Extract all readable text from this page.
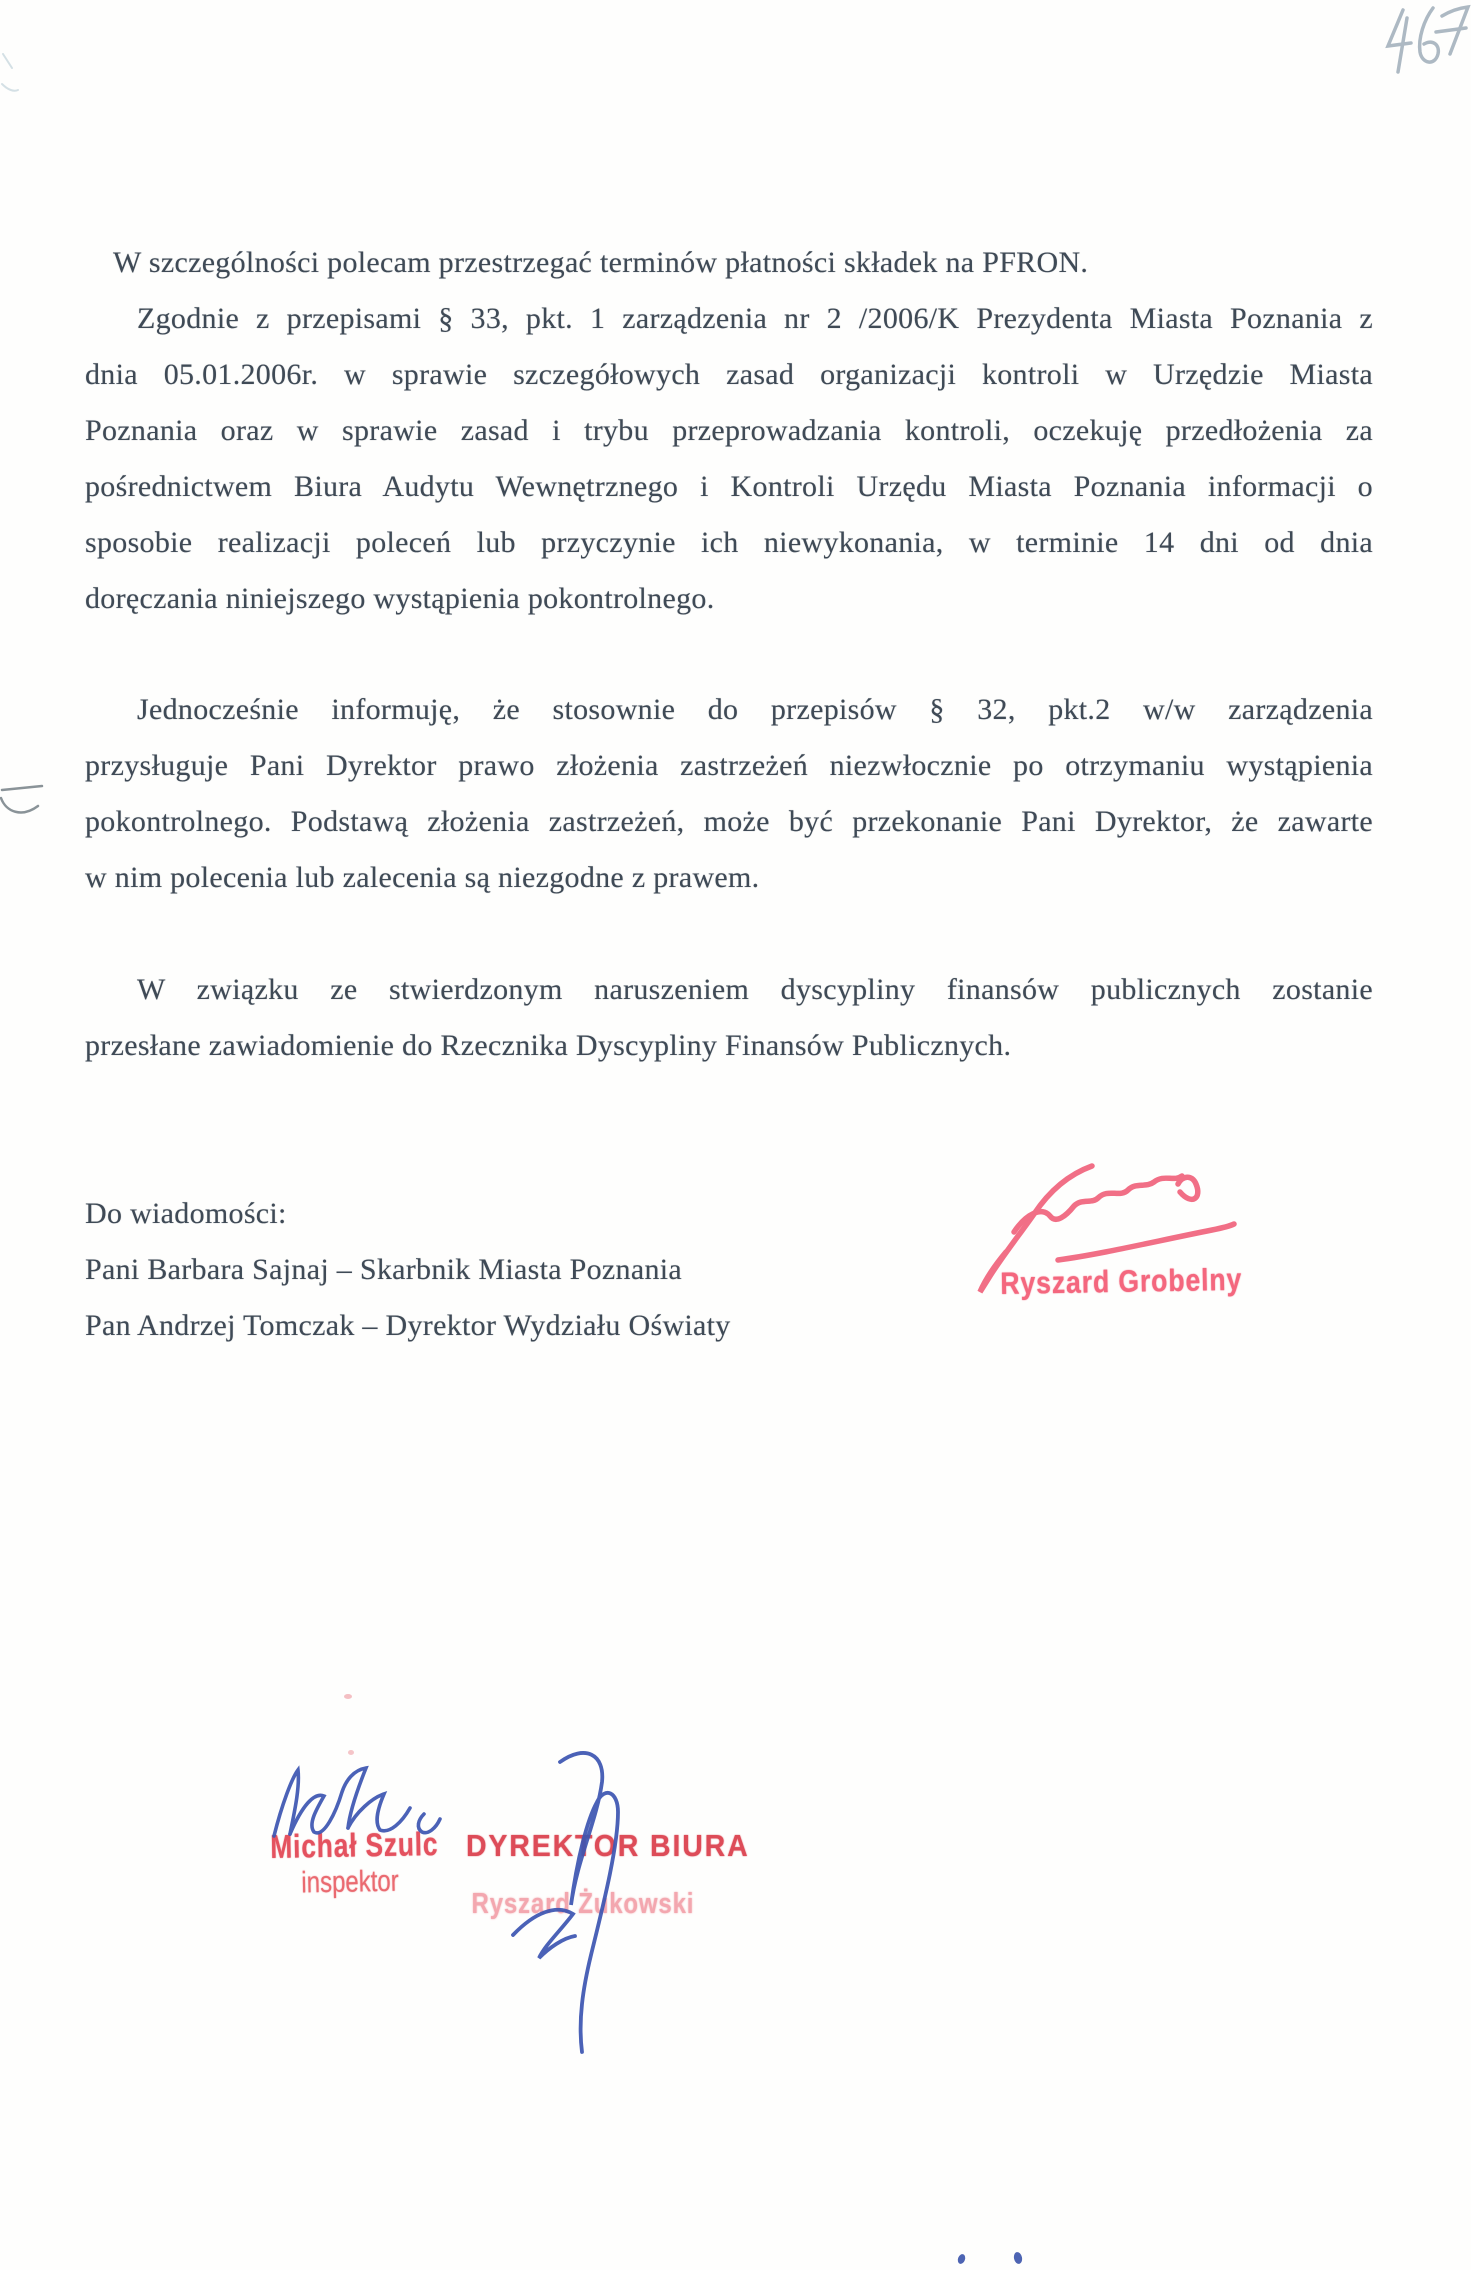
W szczególności polecam przestrzegać terminów płatności składek na PFRON.
Zgodnie z przepisami § 33, pkt. 1 zarządzenia nr 2 /2006/K Prezydenta Miasta Poznania z
dnia 05.01.2006r. w sprawie szczegółowych zasad organizacji kontroli w Urzędzie Miasta
Poznania oraz w sprawie zasad i trybu przeprowadzania kontroli, oczekuję przedłożenia za
pośrednictwem Biura Audytu Wewnętrznego i Kontroli Urzędu Miasta Poznania informacji o
sposobie realizacji poleceń lub przyczynie ich niewykonania, w terminie 14 dni od dnia
doręczania niniejszego wystąpienia pokontrolnego.
Jednocześnie informuję, że stosownie do przepisów § 32, pkt.2 w/w zarządzenia
przysługuje Pani Dyrektor prawo złożenia zastrzeżeń niezwłocznie po otrzymaniu wystąpienia
pokontrolnego. Podstawą złożenia zastrzeżeń, może być przekonanie Pani Dyrektor, że zawarte
w nim polecenia lub zalecenia są niezgodne z prawem.
W związku ze stwierdzonym naruszeniem dyscypliny finansów publicznych zostanie
przesłane zawiadomienie do Rzecznika Dyscypliny Finansów Publicznych.
Do wiadomości:
Pani Barbara Sajnaj – Skarbnik Miasta Poznania
Pan Andrzej Tomczak – Dyrektor Wydziału Oświaty
Ryszard Grobelny
Michał Szulc
inspektor
DYREKTOR BIURA
Ryszard Żukowski
